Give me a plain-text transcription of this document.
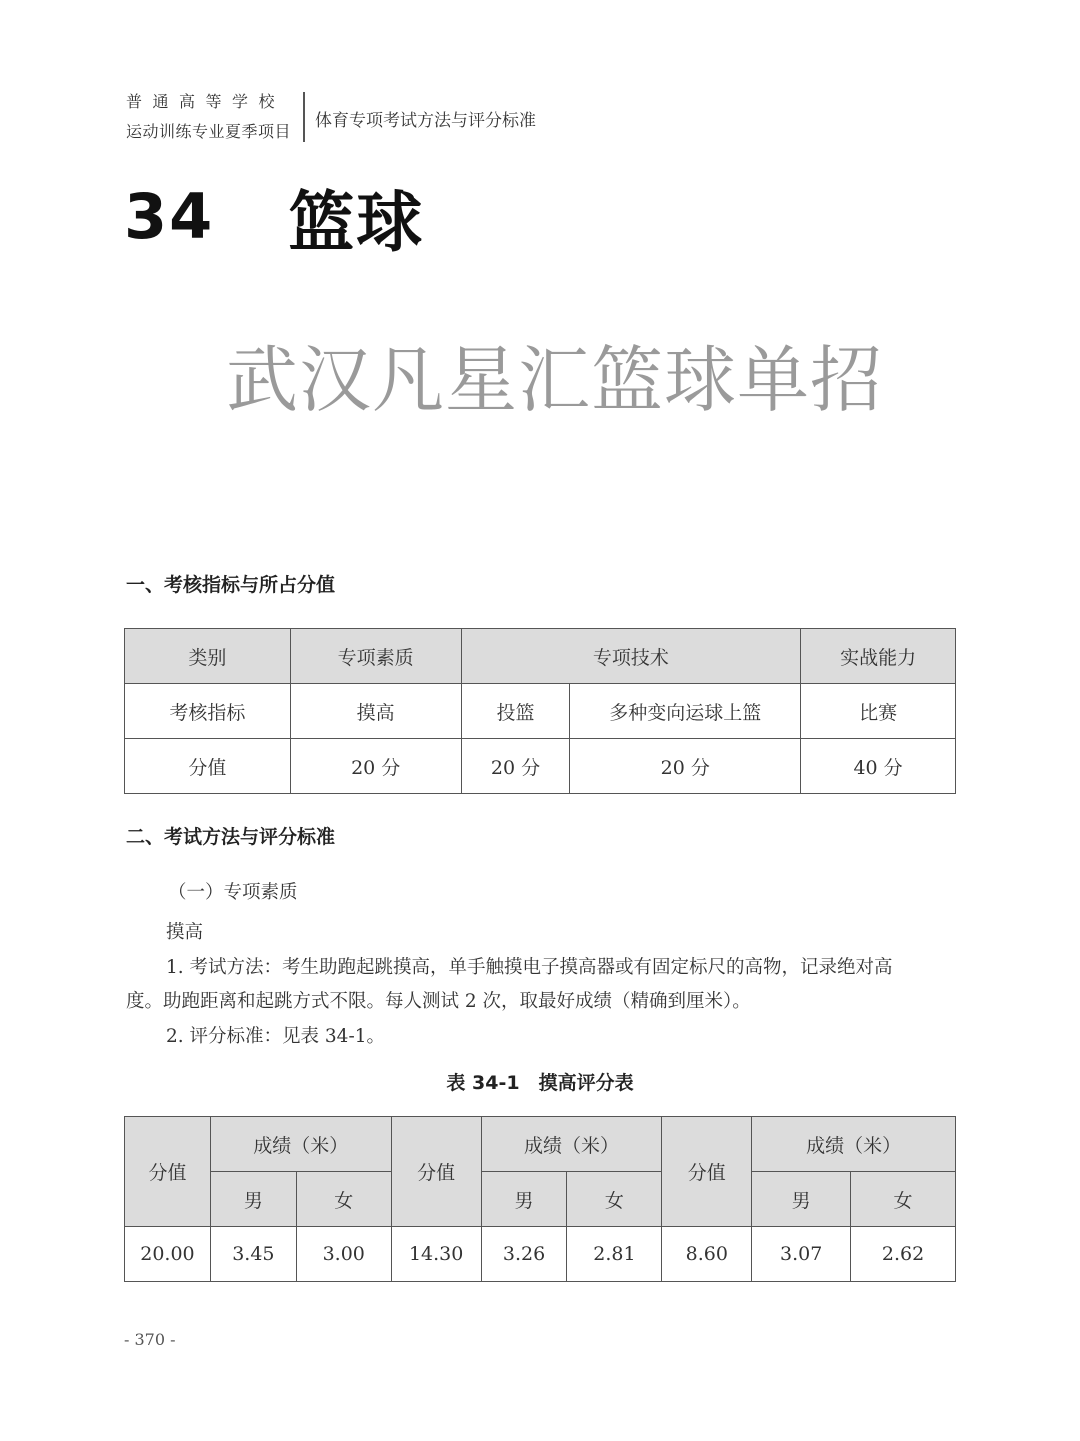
普通高等学校
运动训练专业夏季项目
体育专项考试方法与评分标准
34 篮球
武汉凡星汇篮球单招
一、考核指标与所占分值
类别	专项素质	专项技术		实战能力
考核指标	摸高	投篮	多种变向运球上篮	比赛
分值	20 分	20 分	20 分	40 分
二、考试方法与评分标准
（一）专项素质
摸高
1. 考试方法：考生助跑起跳摸高，单手触摸电子摸高器或有固定标尺的高物，记录绝对高
度。助跑距离和起跳方式不限。每人测试 2 次，取最好成绩（精确到厘米）。
2. 评分标准：见表 34-1。
表 34-1　摸高评分表
分值	成绩（米）		分值	成绩（米）		分值	成绩（米）	
	男	女		男	女		男	女
20.00	3.45	3.00	14.30	3.26	2.81	8.60	3.07	2.62
- 370 -
